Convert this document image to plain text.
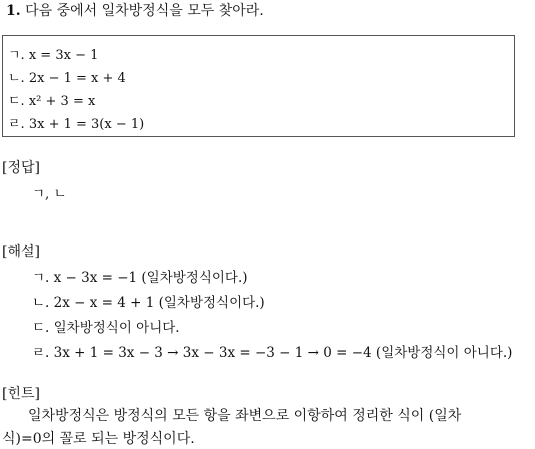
1. 다음 중에서 일차방정식을 모두 찾아라.
ㄱ. x = 3x − 1
ㄴ. 2x − 1 = x + 4
ㄷ. x² + 3 = x
ㄹ. 3x + 1 = 3(x − 1)
[정답]
ㄱ, ㄴ
[해설]
ㄱ. x − 3x = −1 (일차방정식이다.)
ㄴ. 2x − x = 4 + 1 (일차방정식이다.)
ㄷ. 일차방정식이 아니다.
ㄹ. 3x + 1 = 3x − 3 → 3x − 3x = −3 − 1 → 0 = −4 (일차방정식이 아니다.)
[힌트]
일차방정식은 방정식의 모든 항을 좌변으로 이항하여 정리한 식이 (일차
식)=0의 꼴로 되는 방정식이다.
